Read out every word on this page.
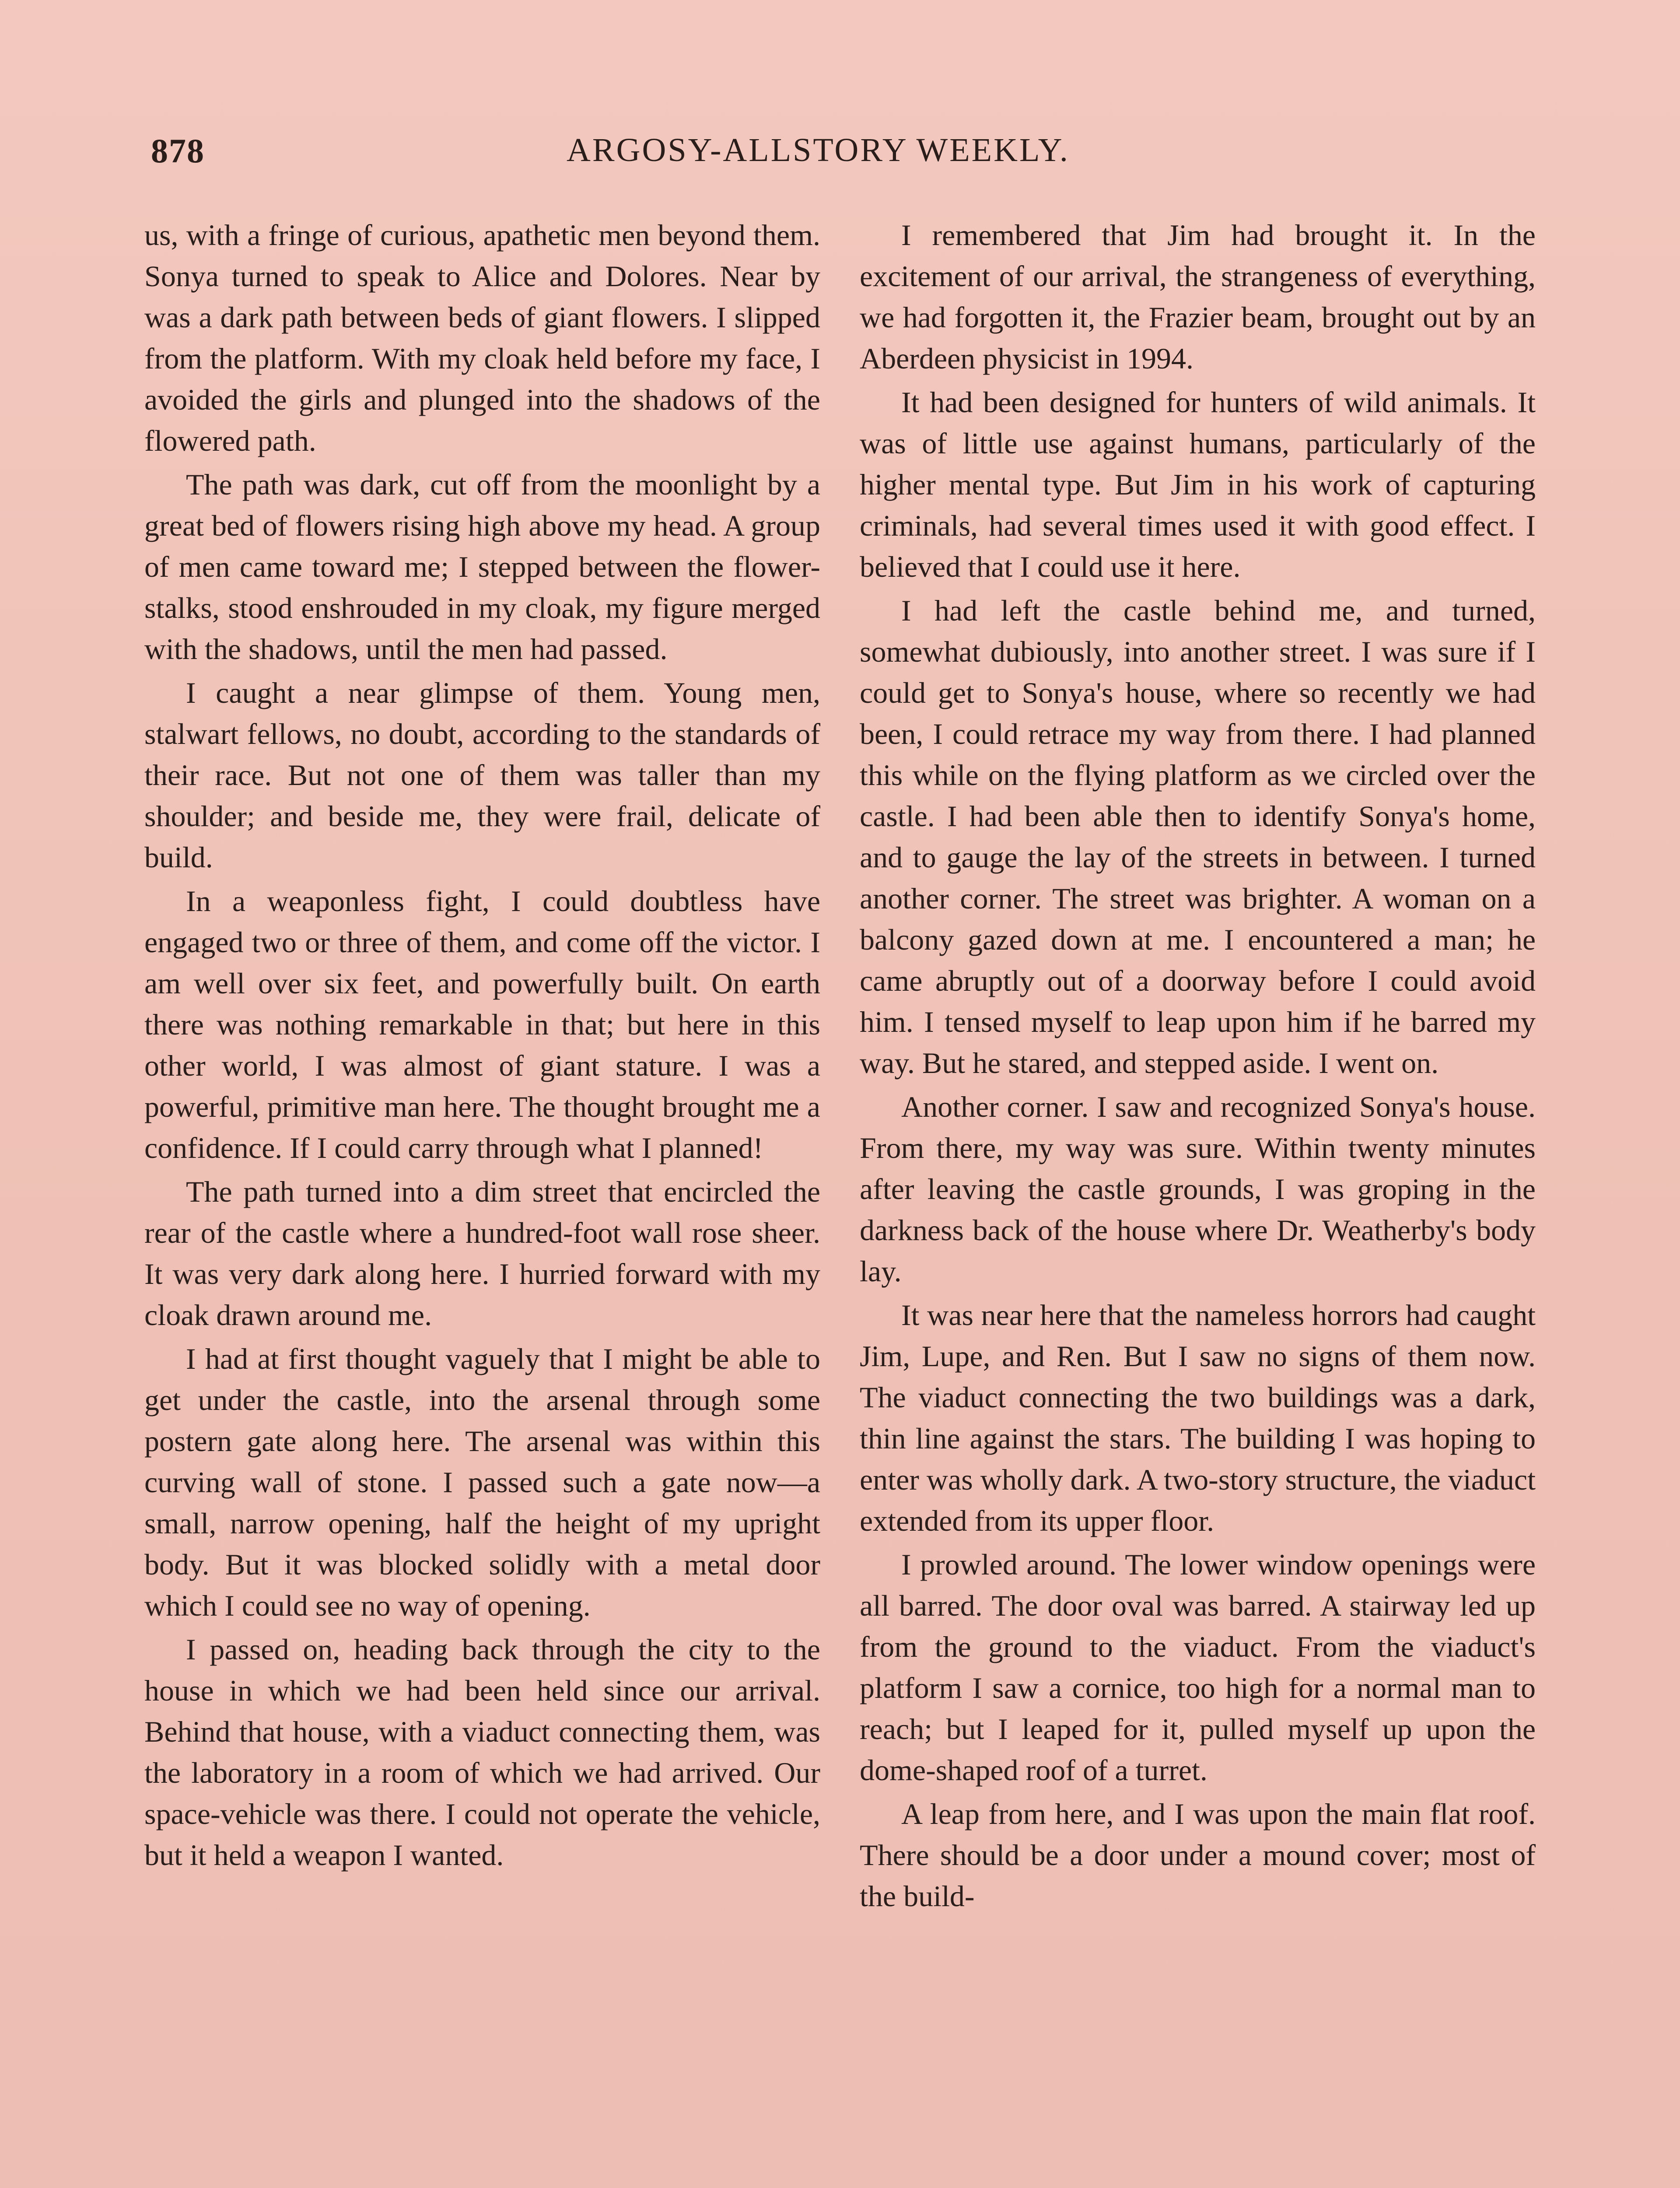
878	ARGOSY-ALLSTORY WEEKLY.

us, with a fringe of curious, apathetic men beyond them. Sonya turned to speak to Alice and Dolores. Near by was a dark path between beds of giant flowers. I slipped from the platform. With my cloak held before my face, I avoided the girls and plunged into the shadows of the flowered path.

The path was dark, cut off from the moonlight by a great bed of flowers rising high above my head. A group of men came toward me; I stepped between the flower-stalks, stood enshrouded in my cloak, my figure merged with the shadows, until the men had passed.

I caught a near glimpse of them. Young men, stalwart fellows, no doubt, according to the standards of their race. But not one of them was taller than my shoulder; and beside me, they were frail, delicate of build.

In a weaponless fight, I could doubtless have engaged two or three of them, and come off the victor. I am well over six feet, and powerfully built. On earth there was nothing remarkable in that; but here in this other world, I was almost of giant stature. I was a powerful, primitive man here. The thought brought me a confidence. If I could carry through what I planned!

The path turned into a dim street that encircled the rear of the castle where a hundred-foot wall rose sheer. It was very dark along here. I hurried forward with my cloak drawn around me.

I had at first thought vaguely that I might be able to get under the castle, into the arsenal through some postern gate along here. The arsenal was within this curving wall of stone. I passed such a gate now—a small, narrow opening, half the height of my upright body. But it was blocked solidly with a metal door which I could see no way of opening.

I passed on, heading back through the city to the house in which we had been held since our arrival. Behind that house, with a viaduct connecting them, was the laboratory in a room of which we had arrived. Our space-vehicle was there. I could not operate the vehicle, but it held a weapon I wanted.

I remembered that Jim had brought it. In the excitement of our arrival, the strangeness of everything, we had forgotten it, the Frazier beam, brought out by an Aberdeen physicist in 1994.

It had been designed for hunters of wild animals. It was of little use against humans, particularly of the higher mental type. But Jim in his work of capturing criminals, had several times used it with good effect. I believed that I could use it here.

I had left the castle behind me, and turned, somewhat dubiously, into another street. I was sure if I could get to Sonya's house, where so recently we had been, I could retrace my way from there. I had planned this while on the flying platform as we circled over the castle. I had been able then to identify Sonya's home, and to gauge the lay of the streets in between. I turned another corner. The street was brighter. A woman on a balcony gazed down at me. I encountered a man; he came abruptly out of a doorway before I could avoid him. I tensed myself to leap upon him if he barred my way. But he stared, and stepped aside. I went on.

Another corner. I saw and recognized Sonya's house. From there, my way was sure. Within twenty minutes after leaving the castle grounds, I was groping in the darkness back of the house where Dr. Weatherby's body lay.

It was near here that the nameless horrors had caught Jim, Lupe, and Ren. But I saw no signs of them now. The viaduct connecting the two buildings was a dark, thin line against the stars. The building I was hoping to enter was wholly dark. A two-story structure, the viaduct extended from its upper floor.

I prowled around. The lower window openings were all barred. The door oval was barred. A stairway led up from the ground to the viaduct. From the viaduct's platform I saw a cornice, too high for a normal man to reach; but I leaped for it, pulled myself up upon the dome-shaped roof of a turret.

A leap from here, and I was upon the main flat roof. There should be a door under a mound cover; most of the build-
